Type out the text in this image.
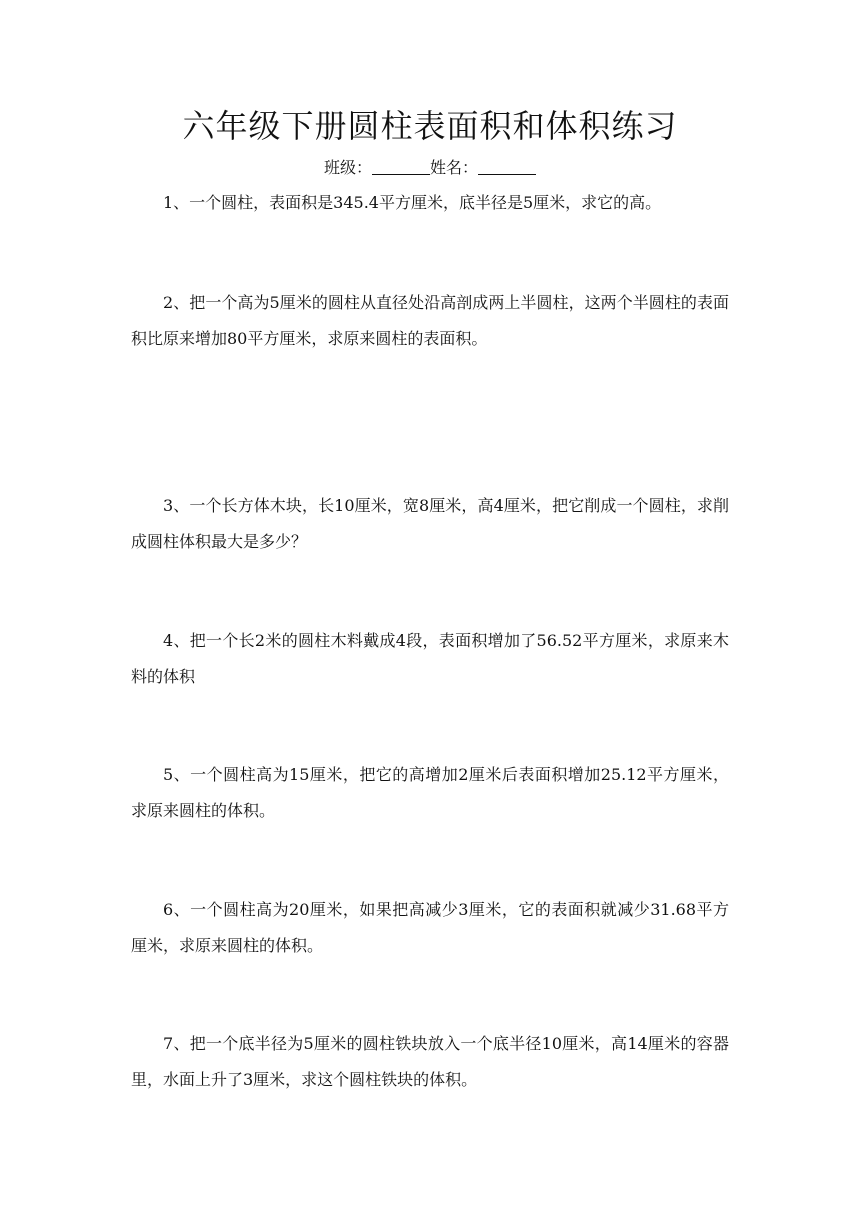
六年级下册圆柱表面积和体积练习
班级：	姓名：

1、一个圆柱，表面积是345.4平方厘米，底半径是5厘米，求它的高。

2、把一个高为5厘米的圆柱从直径处沿高剖成两上半圆柱，这两个半圆柱的表面积比原来增加80平方厘米，求原来圆柱的表面积。

3、一个长方体木块，长10厘米，宽8厘米，高4厘米，把它削成一个圆柱，求削成圆柱体积最大是多少？

4、把一个长2米的圆柱木料戴成4段，表面积增加了56.52平方厘米，求原来木料的体积

5、一个圆柱高为15厘米，把它的高增加2厘米后表面积增加25.12平方厘米，求原来圆柱的体积。

6、一个圆柱高为20厘米，如果把高减少3厘米，它的表面积就减少31.68平方厘米，求原来圆柱的体积。

7、把一个底半径为5厘米的圆柱铁块放入一个底半径10厘米，高14厘米的容器里，水面上升了3厘米，求这个圆柱铁块的体积。
